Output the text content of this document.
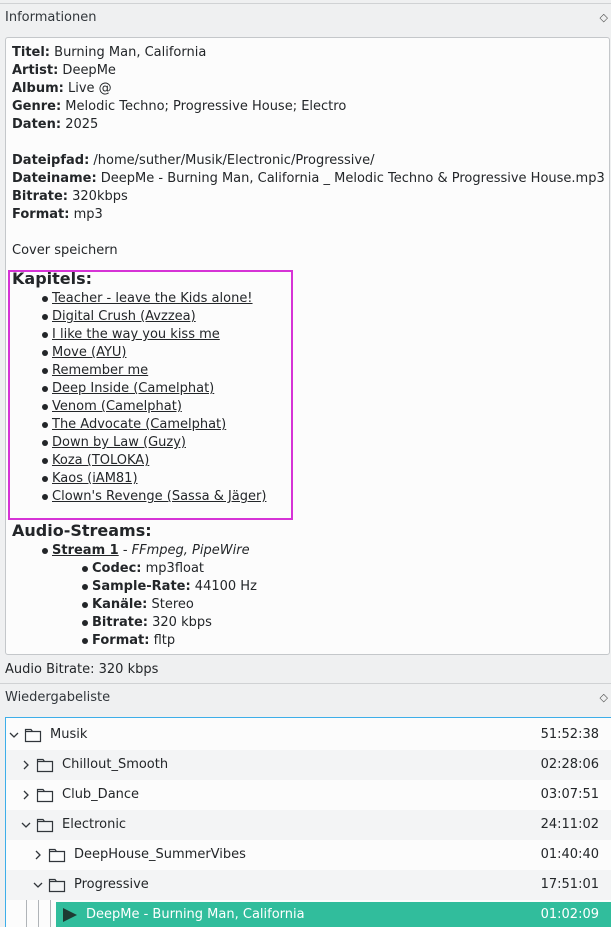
Informationen	◇
Titel: Burning Man, California
Artist: DeepMe
Album: Live @
Genre: Melodic Techno; Progressive House; Electro
Daten: 2025
Dateipfad: /home/suther/Musik/Electronic/Progressive/
Dateiname: DeepMe - Burning Man, California _ Melodic Techno & Progressive House.mp3
Bitrate: 320kbps
Format: mp3
Cover speichern
Kapitels:
Teacher - leave the Kids alone!
Digital Crush (Avzzea)
I like the way you kiss me
Move (AYU)
Remember me
Deep Inside (Camelphat)
Venom (Camelphat)
The Advocate (Camelphat)
Down by Law (Guzy)
Koza (TOLOKA)
Kaos (iAM81)
Clown's Revenge (Sassa & Jäger)
Audio-Streams:
Stream 1 - FFmpeg, PipeWire
Codec: mp3float
Sample-Rate: 44100 Hz
Kanäle: Stereo
Bitrate: 320 kbps
Format: fltp
Audio Bitrate: 320 kbps
Wiedergabeliste	◇
Musik	51:52:38
Chillout_Smooth	02:28:06
Club_Dance	03:07:51
Electronic	24:11:02
DeepHouse_SummerVibes	01:40:40
Progressive	17:51:01
DeepMe - Burning Man, California	01:02:09
